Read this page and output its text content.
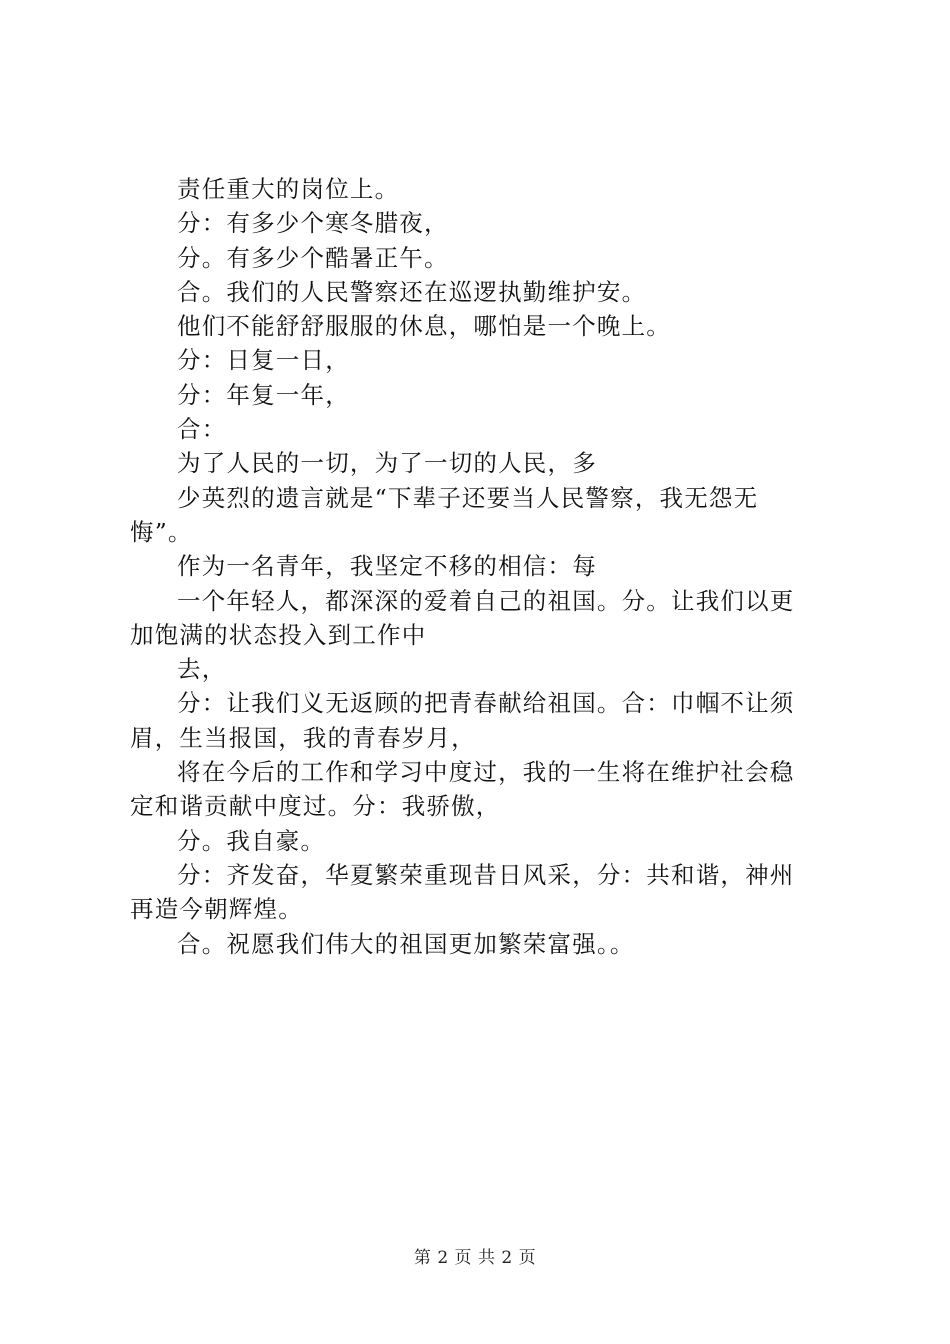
责任重大的岗位上。
分：有多少个寒冬腊夜，
分。有多少个酷暑正午。
合。我们的人民警察还在巡逻执勤维护安。
他们不能舒舒服服的休息，哪怕是一个晚上。
分：日复一日，
分：年复一年，
合：
为了人民的一切，为了一切的人民，多
少英烈的遗言就是“下辈子还要当人民警察，我无怨无
悔”。
作为一名青年，我坚定不移的相信：每
一个年轻人，都深深的爱着自己的祖国。分。让我们以更
加饱满的状态投入到工作中
去，
分：让我们义无返顾的把青春献给祖国。合：巾帼不让须
眉，生当报国，我的青春岁月，
将在今后的工作和学习中度过，我的一生将在维护社会稳
定和谐贡献中度过。分：我骄傲，
分。我自豪。
分：齐发奋，华夏繁荣重现昔日风采，分：共和谐，神州
再造今朝辉煌。
合。祝愿我们伟大的祖国更加繁荣富强。。
第 2 页 共 2 页
